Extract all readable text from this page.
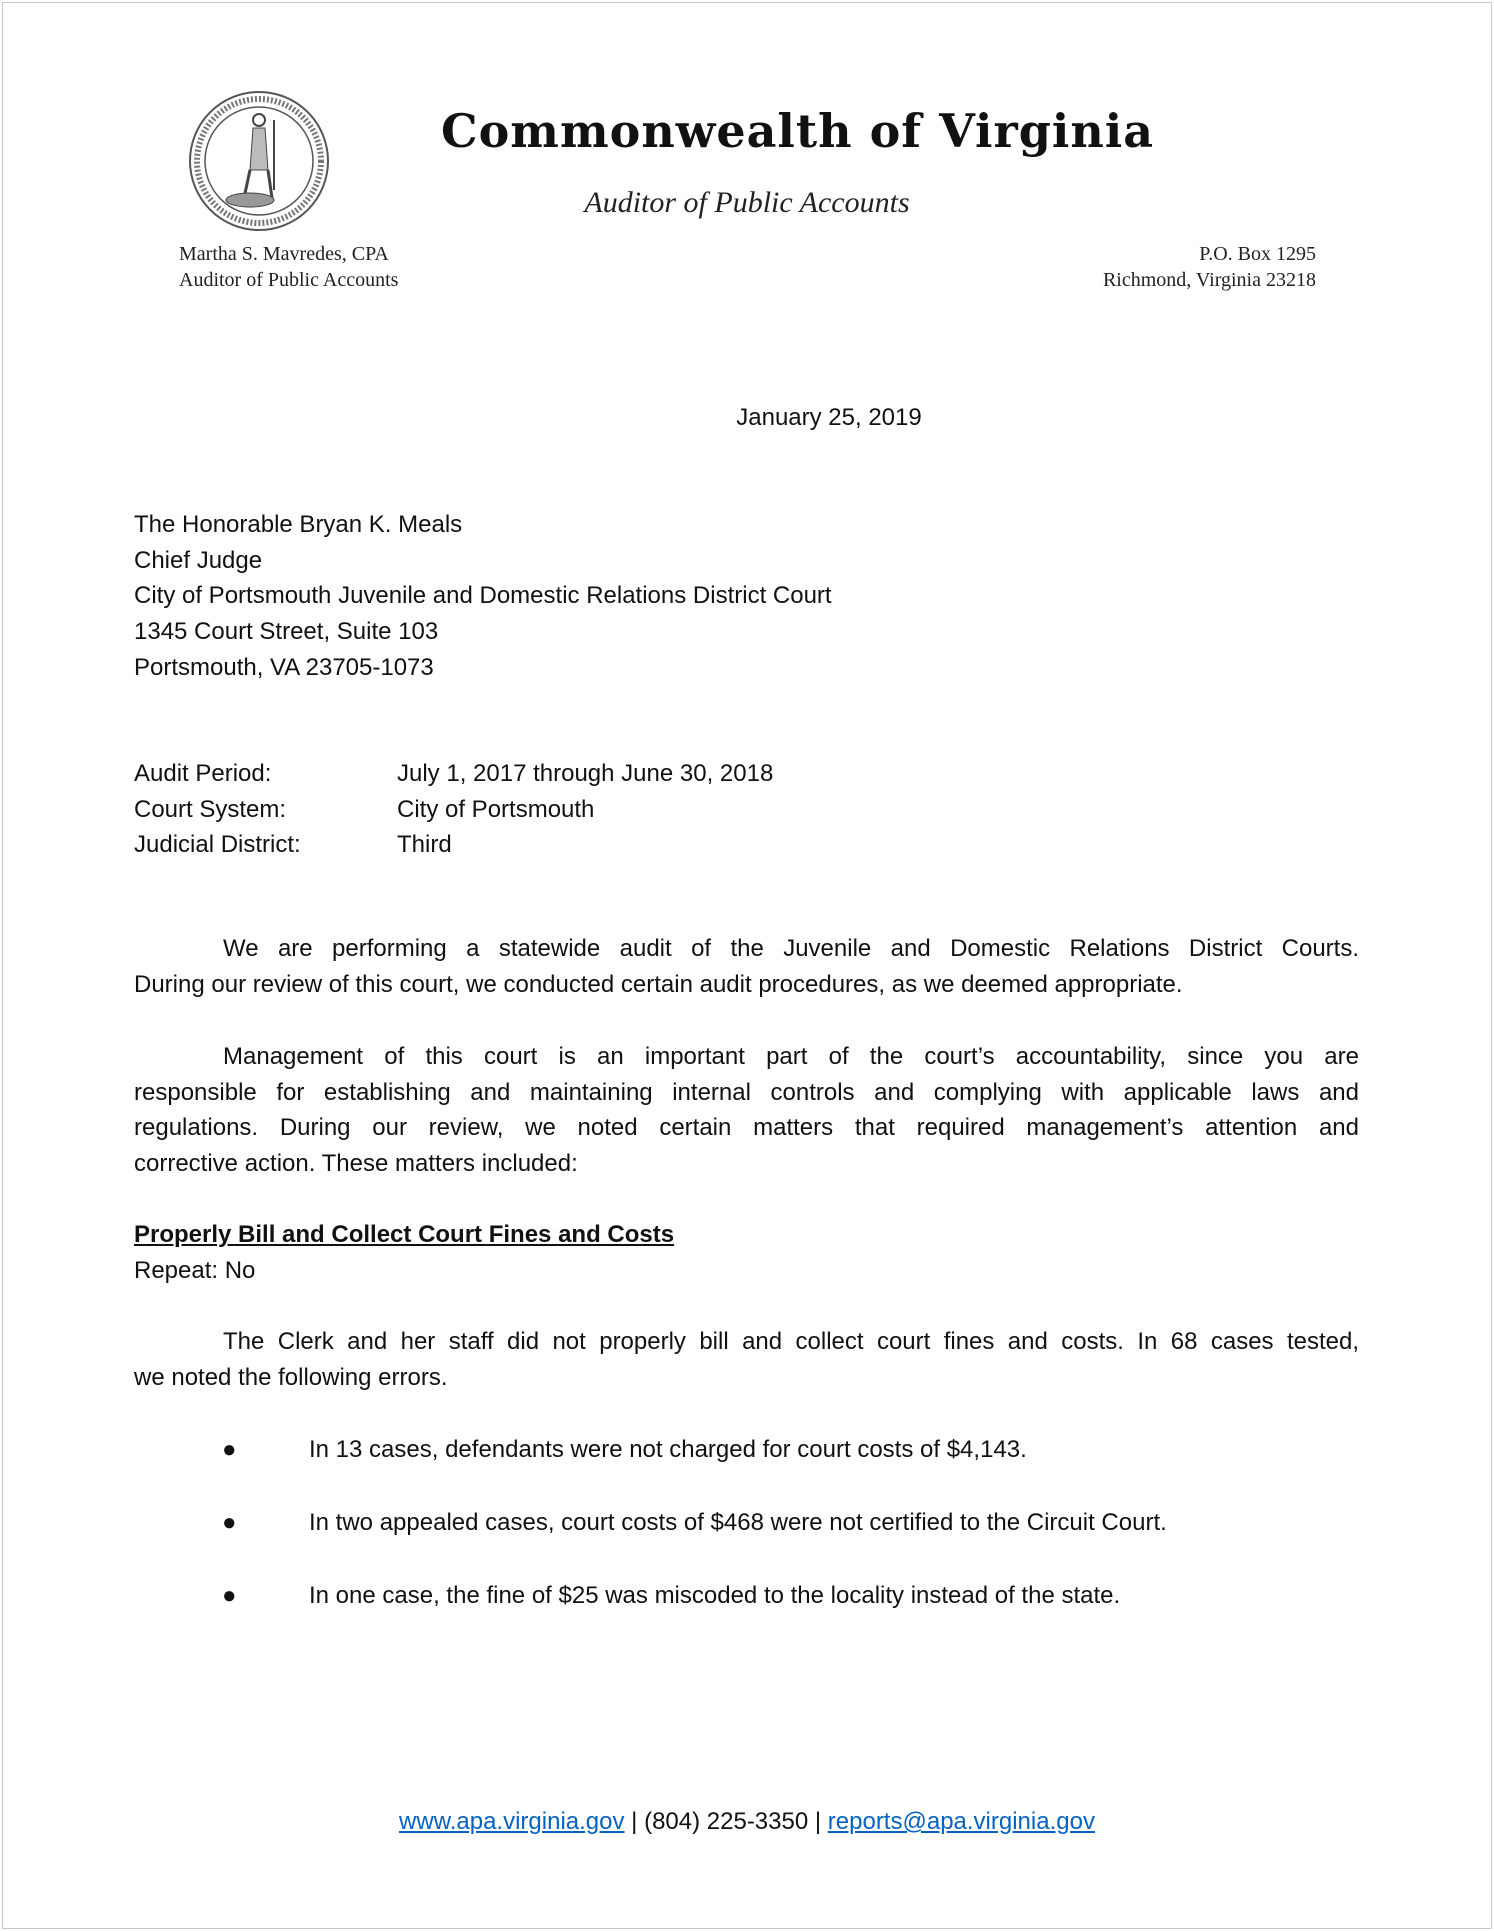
Commonwealth of Virginia
Auditor of Public Accounts
Martha S. Mavredes, CPA
Auditor of Public Accounts
P.O. Box 1295
Richmond, Virginia 23218
January 25, 2019
The Honorable Bryan K. Meals
Chief Judge
City of Portsmouth Juvenile and Domestic Relations District Court
1345 Court Street, Suite 103
Portsmouth, VA 23705-1073
Audit Period:	July 1, 2017 through June 30, 2018
Court System:	City of Portsmouth
Judicial District:	Third
We are performing a statewide audit of the Juvenile and Domestic Relations District Courts.
During our review of this court, we conducted certain audit procedures, as we deemed appropriate.
Management of this court is an important part of the court’s accountability, since you are
responsible for establishing and maintaining internal controls and complying with applicable laws and
regulations. During our review, we noted certain matters that required management’s attention and
corrective action. These matters included:
Properly Bill and Collect Court Fines and Costs
Repeat: No
The Clerk and her staff did not properly bill and collect court fines and costs. In 68 cases tested,
we noted the following errors.
●	In 13 cases, defendants were not charged for court costs of $4,143.
●	In two appealed cases, court costs of $468 were not certified to the Circuit Court.
●	In one case, the fine of $25 was miscoded to the locality instead of the state.
www.apa.virginia.gov | (804) 225-3350 | reports@apa.virginia.gov
